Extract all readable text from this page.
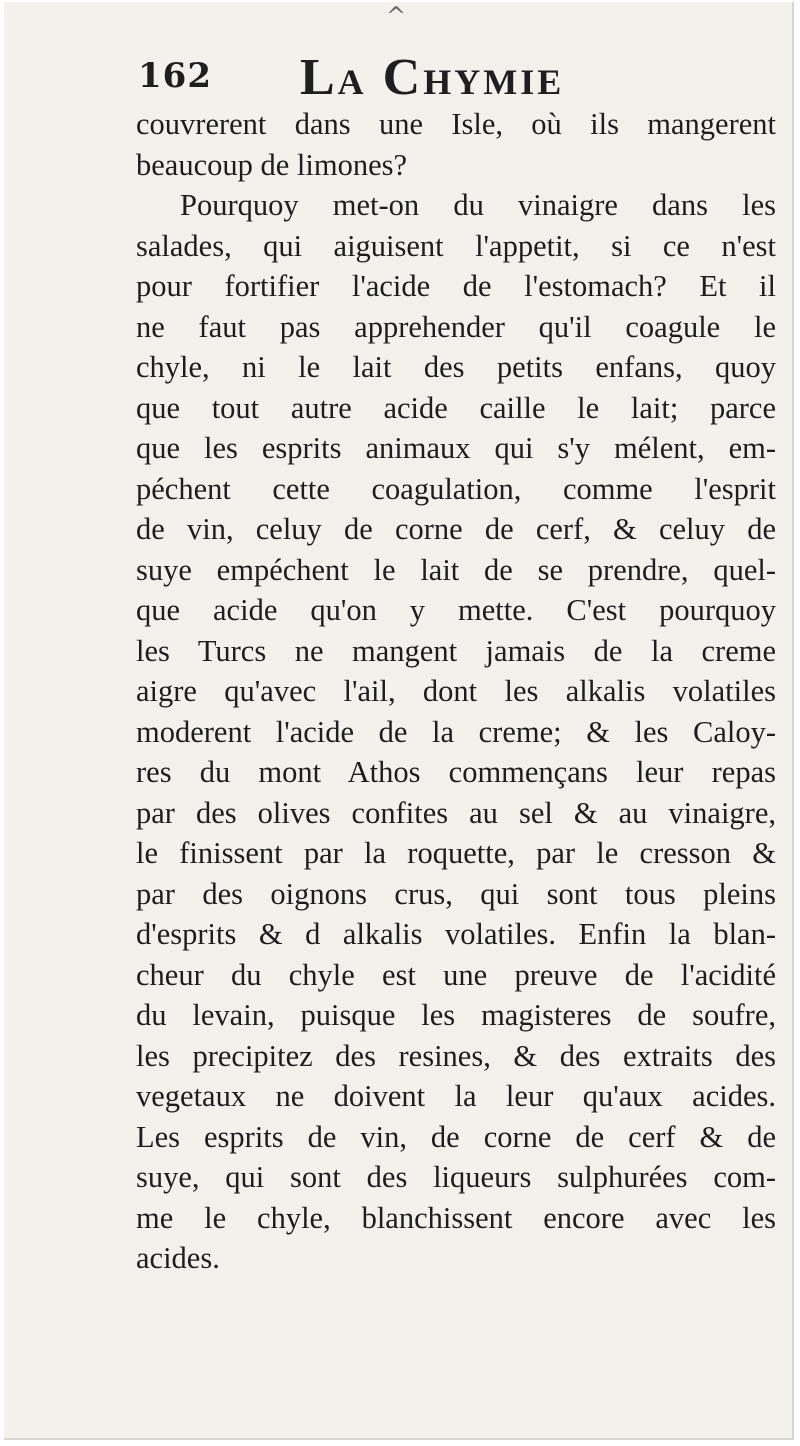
^
162 La Chymie
couvrerent dans une Isle, où ils mangerent
beaucoup de limones?
Pourquoy met-on du vinaigre dans les
salades, qui aiguisent l'appetit, si ce n'est
pour fortifier l'acide de l'estomach? Et il
ne faut pas apprehender qu'il coagule le
chyle, ni le lait des petits enfans, quoy
que tout autre acide caille le lait; parce
que les esprits animaux qui s'y mélent, em-
péchent cette coagulation, comme l'esprit
de vin, celuy de corne de cerf, & celuy de
suye empéchent le lait de se prendre, quel-
que acide qu'on y mette. C'est pourquoy
les Turcs ne mangent jamais de la creme
aigre qu'avec l'ail, dont les alkalis volatiles
moderent l'acide de la creme; & les Caloy-
res du mont Athos commençans leur repas
par des olives confites au sel & au vinaigre,
le finissent par la roquette, par le cresson &
par des oignons crus, qui sont tous pleins
d'esprits & d alkalis volatiles. Enfin la blan-
cheur du chyle est une preuve de l'acidité
du levain, puisque les magisteres de soufre,
les precipitez des resines, & des extraits des
vegetaux ne doivent la leur qu'aux acides.
Les esprits de vin, de corne de cerf & de
suye, qui sont des liqueurs sulphurées com-
me le chyle, blanchissent encore avec les
acides.
